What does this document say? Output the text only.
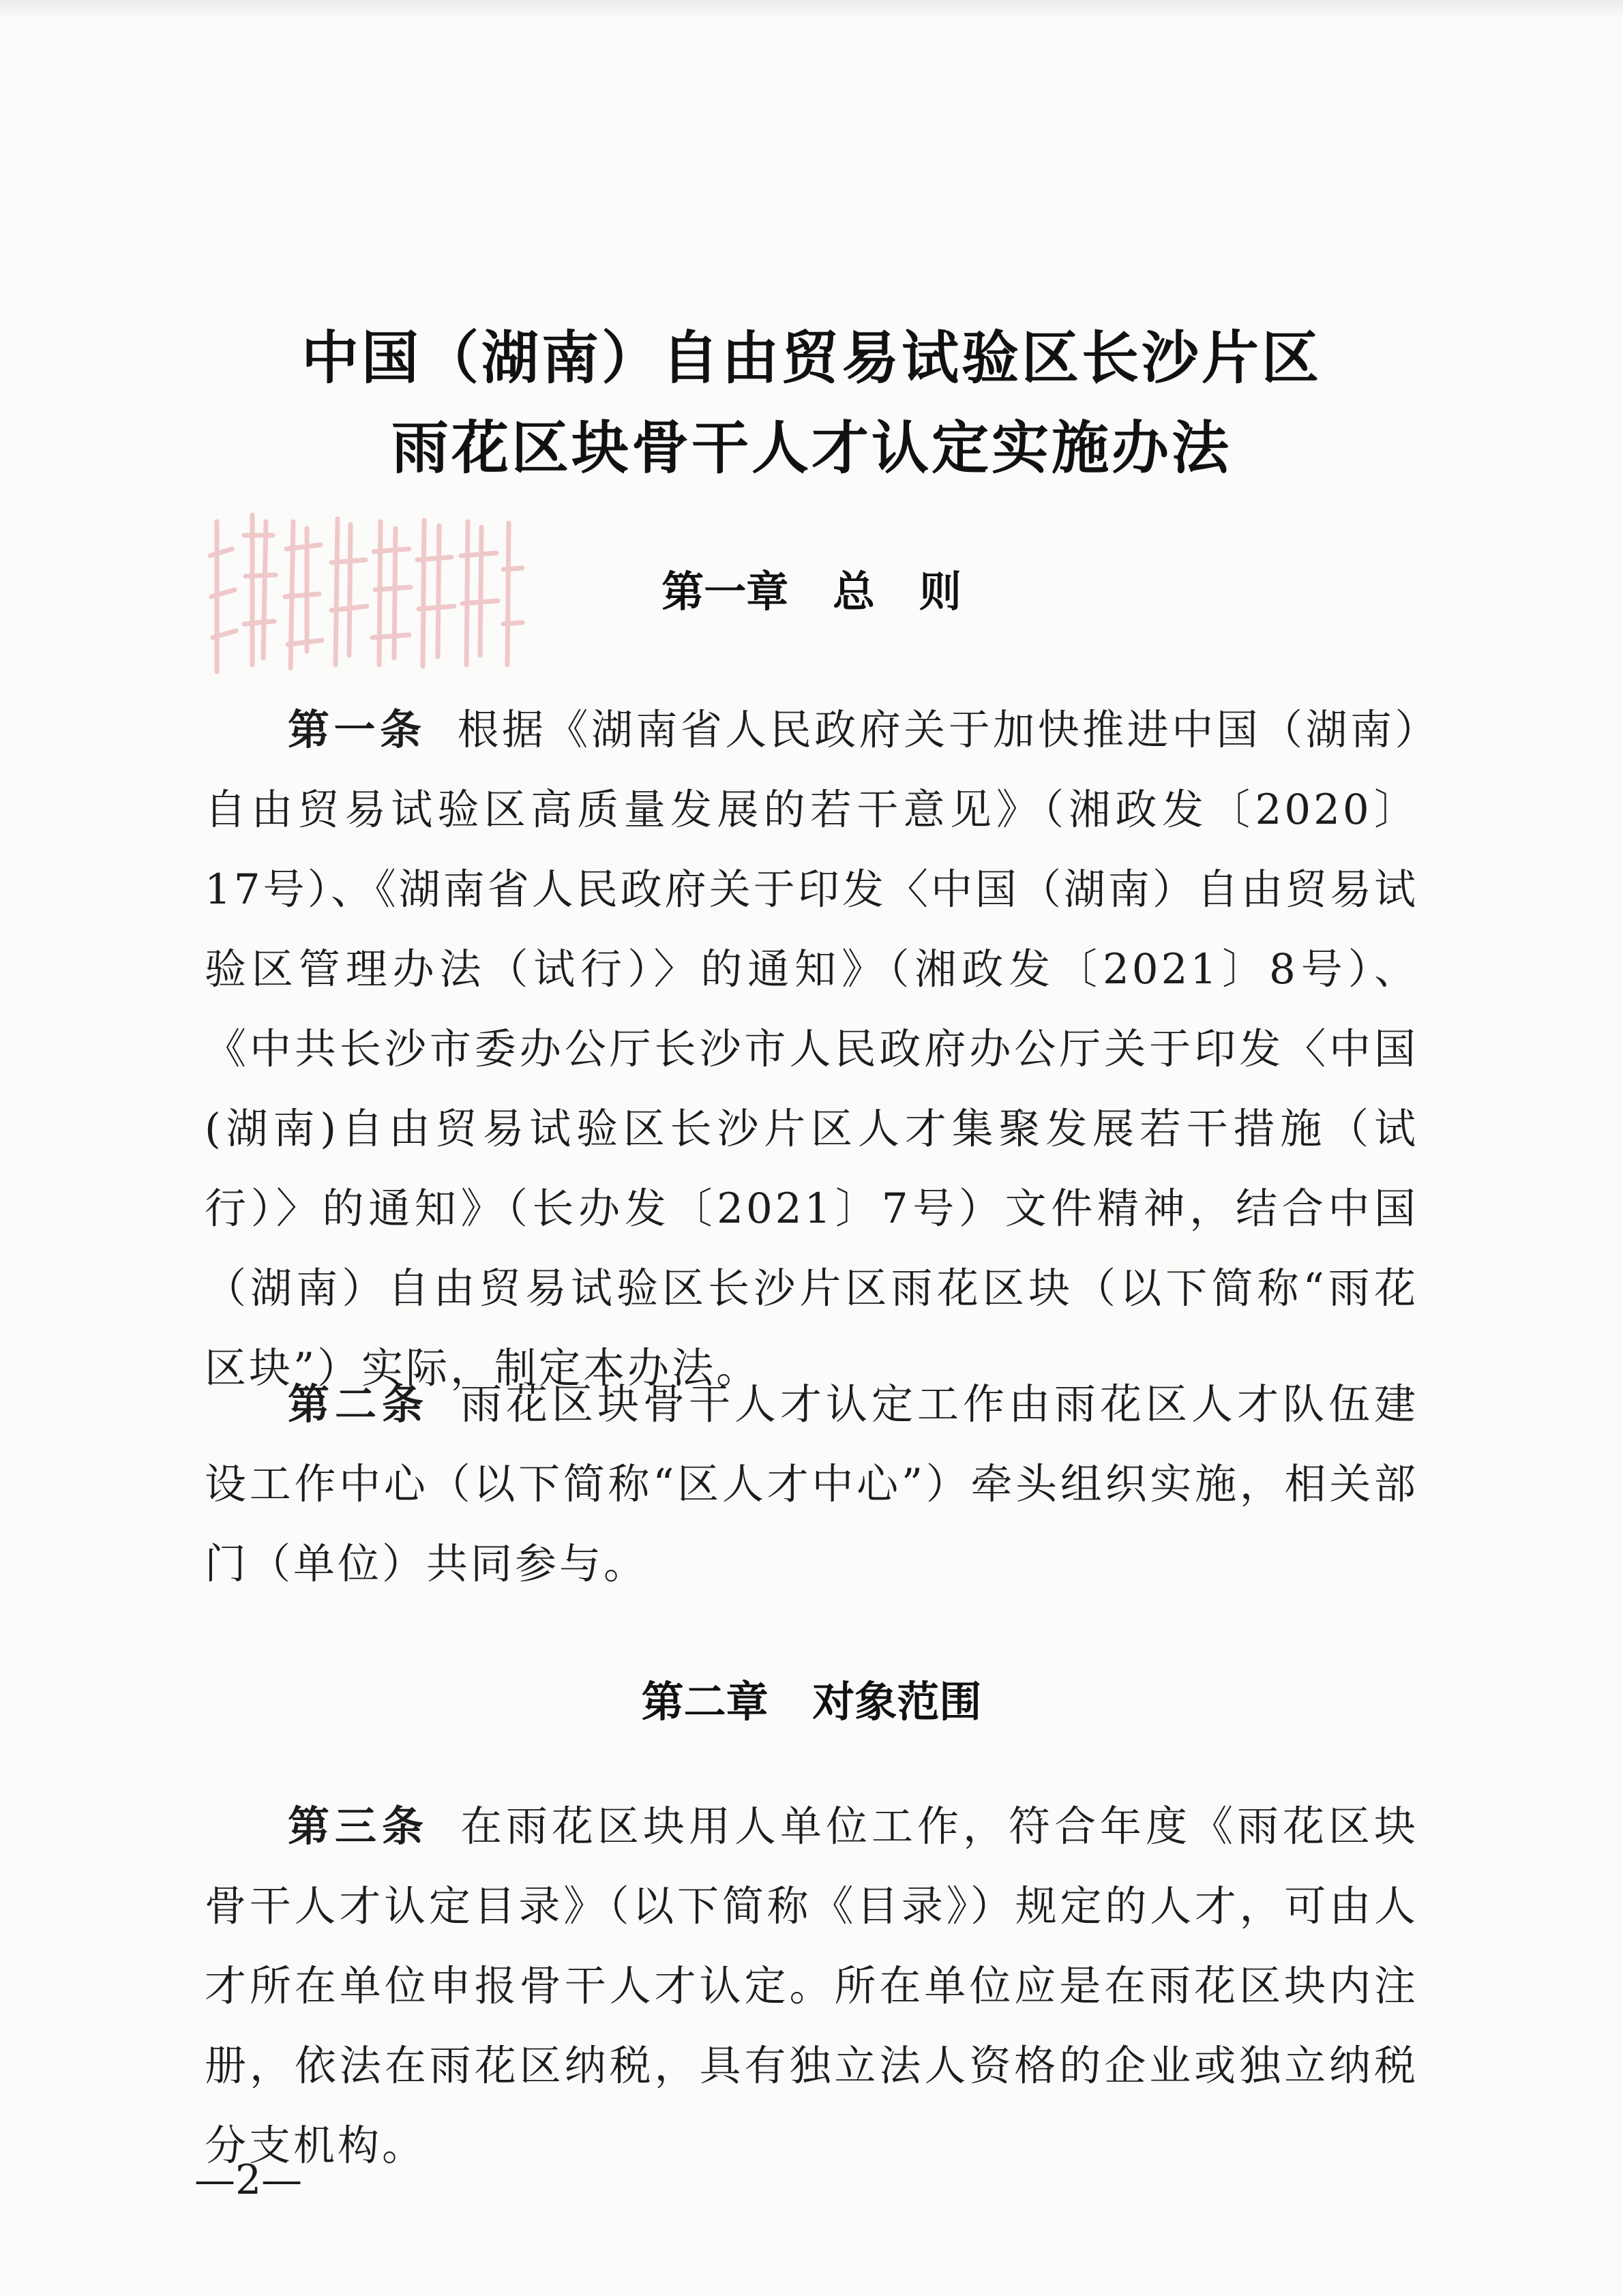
中国（湖南）自由贸易试验区长沙片区
雨花区块骨干人才认定实施办法
第一章   总   则

第一条 根据《湖南省人民政府关于加快推进中国（湖南）自由贸易试验区高质量发展的若干意见》（湘政发〔2020〕17号）、《湖南省人民政府关于印发〈中国（湖南）自由贸易试验区管理办法（试行）〉的通知》（湘政发〔2021〕8号）、《中共长沙市委办公厅长沙市人民政府办公厅关于印发〈中国(湖南)自由贸易试验区长沙片区人才集聚发展若干措施（试行）〉的通知》（长办发〔2021〕7号）文件精神，结合中国（湖南）自由贸易试验区长沙片区雨花区块（以下简称“雨花区块”）实际，制定本办法。

第二条 雨花区块骨干人才认定工作由雨花区人才队伍建设工作中心（以下简称“区人才中心”）牵头组织实施，相关部门（单位）共同参与。

第二章   对象范围

第三条 在雨花区块用人单位工作，符合年度《雨花区块骨干人才认定目录》（以下简称《目录》）规定的人才，可由人才所在单位申报骨干人才认定。所在单位应是在雨花区块内注册，依法在雨花区纳税，具有独立法人资格的企业或独立纳税分支机构。

—2—
